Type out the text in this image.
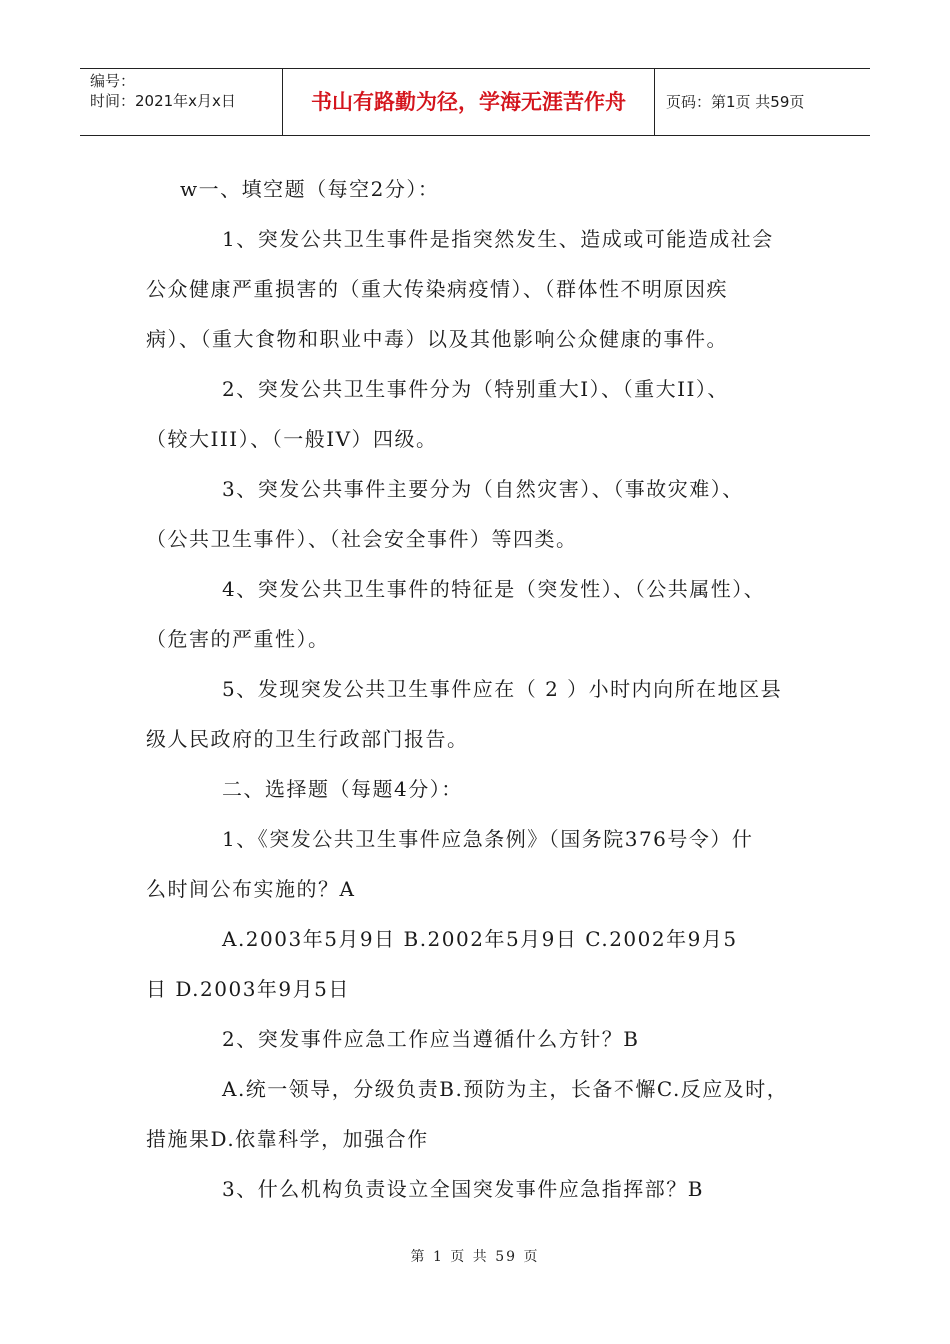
编号：
时间：2021年x月x日	书山有路勤为径，学海无涯苦作舟	页码：第1页 共59页

w一、填空题（每空2分）：

1、突发公共卫生事件是指突然发生、造成或可能造成社会

公众健康严重损害的（重大传染病疫情）、（群体性不明原因疾

病）、（重大食物和职业中毒）以及其他影响公众健康的事件。

2、突发公共卫生事件分为（特别重大Ⅰ）、（重大II）、

（较大III）、（一般IV）四级。

3、突发公共事件主要分为（自然灾害）、（事故灾难）、

（公共卫生事件）、（社会安全事件）等四类。

4、突发公共卫生事件的特征是（突发性）、（公共属性）、

（危害的严重性）。

5、发现突发公共卫生事件应在（ 2 ）小时内向所在地区县

级人民政府的卫生行政部门报告。

二、选择题（每题4分）：

1、《突发公共卫生事件应急条例》（国务院376号令）什

么时间公布实施的？A

A.2003年5月9日 B.2002年5月9日 C.2002年9月5

日 D.2003年9月5日

2、突发事件应急工作应当遵循什么方针？B

A.统一领导，分级负责B.预防为主，长备不懈C.反应及时，

措施果D.依靠科学，加强合作

3、什么机构负责设立全国突发事件应急指挥部？B

第 1 页 共 59 页
